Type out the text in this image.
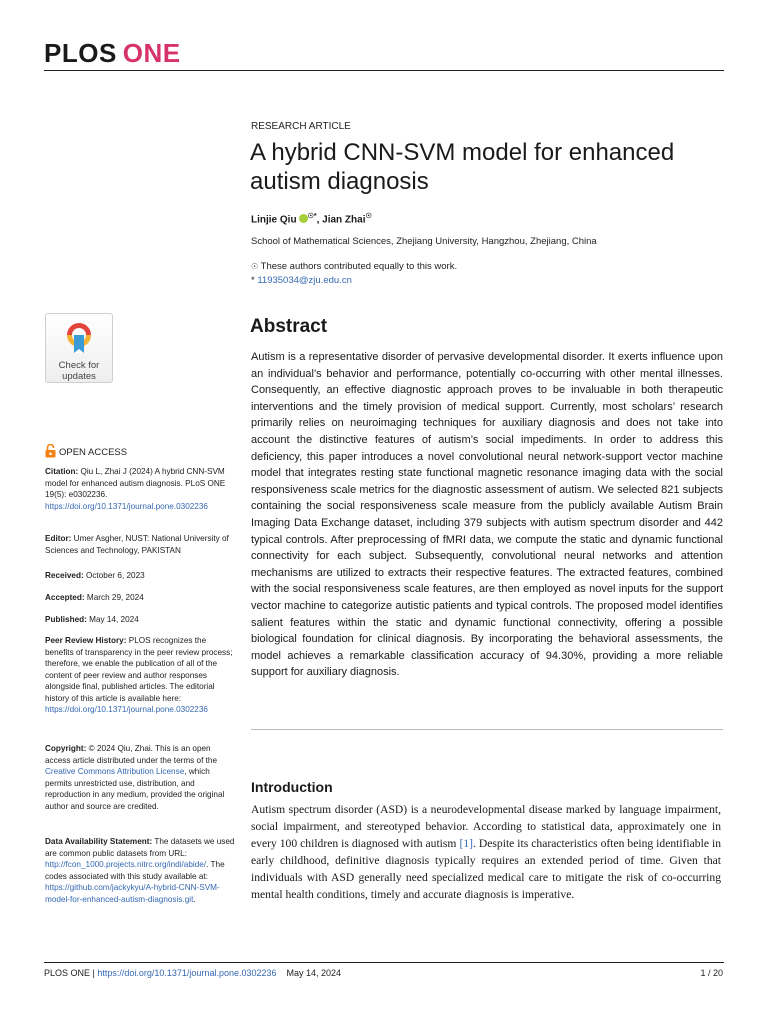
PLOS ONE
RESEARCH ARTICLE
A hybrid CNN-SVM model for enhanced autism diagnosis
Linjie Qiu ☉*, Jian Zhai☉
School of Mathematical Sciences, Zhejiang University, Hangzhou, Zhejiang, China
☉ These authors contributed equally to this work.
* 11935034@zju.edu.cn
Check for
updates
OPEN ACCESS
Citation: Qiu L, Zhai J (2024) A hybrid CNN-SVM model for enhanced autism diagnosis. PLoS ONE 19(5): e0302236. https://doi.org/10.1371/journal.pone.0302236
Editor: Umer Asgher, NUST: National University of Sciences and Technology, PAKISTAN
Received: October 6, 2023
Accepted: March 29, 2024
Published: May 14, 2024
Peer Review History: PLOS recognizes the benefits of transparency in the peer review process; therefore, we enable the publication of all of the content of peer review and author responses alongside final, published articles. The editorial history of this article is available here: https://doi.org/10.1371/journal.pone.0302236
Copyright: © 2024 Qiu, Zhai. This is an open access article distributed under the terms of the Creative Commons Attribution License, which permits unrestricted use, distribution, and reproduction in any medium, provided the original author and source are credited.
Data Availability Statement: The datasets we used are common public datasets from URL: http://fcon_1000.projects.nitrc.org/indi/abide/. The codes associated with this study available at: https://github.com/jackykyu/A-hybrid-CNN-SVM-model-for-enhanced-autism-diagnosis.git.
Abstract

Autism is a representative disorder of pervasive developmental disorder. It exerts influence upon an individual’s behavior and performance, potentially co-occurring with other mental illnesses. Consequently, an effective diagnostic approach proves to be invaluable in both therapeutic interventions and the timely provision of medical support. Currently, most scholars’ research primarily relies on neuroimaging techniques for auxiliary diagnosis and does not take into account the distinctive features of autism’s social impediments. In order to address this deficiency, this paper introduces a novel convolutional neural network-support vector machine model that integrates resting state functional magnetic resonance imaging data with the social responsiveness scale metrics for the diagnostic assessment of autism. We selected 821 subjects containing the social responsiveness scale measure from the publicly available Autism Brain Imaging Data Exchange dataset, including 379 subjects with autism spectrum disorder and 442 typical controls. After preprocessing of fMRI data, we compute the static and dynamic functional connectivity for each subject. Subsequently, convolutional neural networks and attention mechanisms are utilized to extracts their respective features. The extracted features, combined with the social responsiveness scale features, are then employed as novel inputs for the support vector machine to categorize autistic patients and typical controls. The proposed model identifies salient features within the static and dynamic functional connectivity, offering a possible biological foundation for clinical diagnosis. By incorporating the behavioral assessments, the model achieves a remarkable classification accuracy of 94.30%, providing a more reliable support for auxiliary diagnosis.

Introduction

Autism spectrum disorder (ASD) is a neurodevelopmental disease marked by language impairment, social impairment, and stereotyped behavior. According to statistical data, approximately one in every 100 children is diagnosed with autism [1]. Despite its characteristics often being identifiable in early childhood, definitive diagnosis typically requires an extended period of time. Given that individuals with ASD generally need specialized medical care to mitigate the risk of co-occurring mental health conditions, timely and accurate diagnosis is imperative.

PLOS ONE | https://doi.org/10.1371/journal.pone.0302236 May 14, 2024	1 / 20
